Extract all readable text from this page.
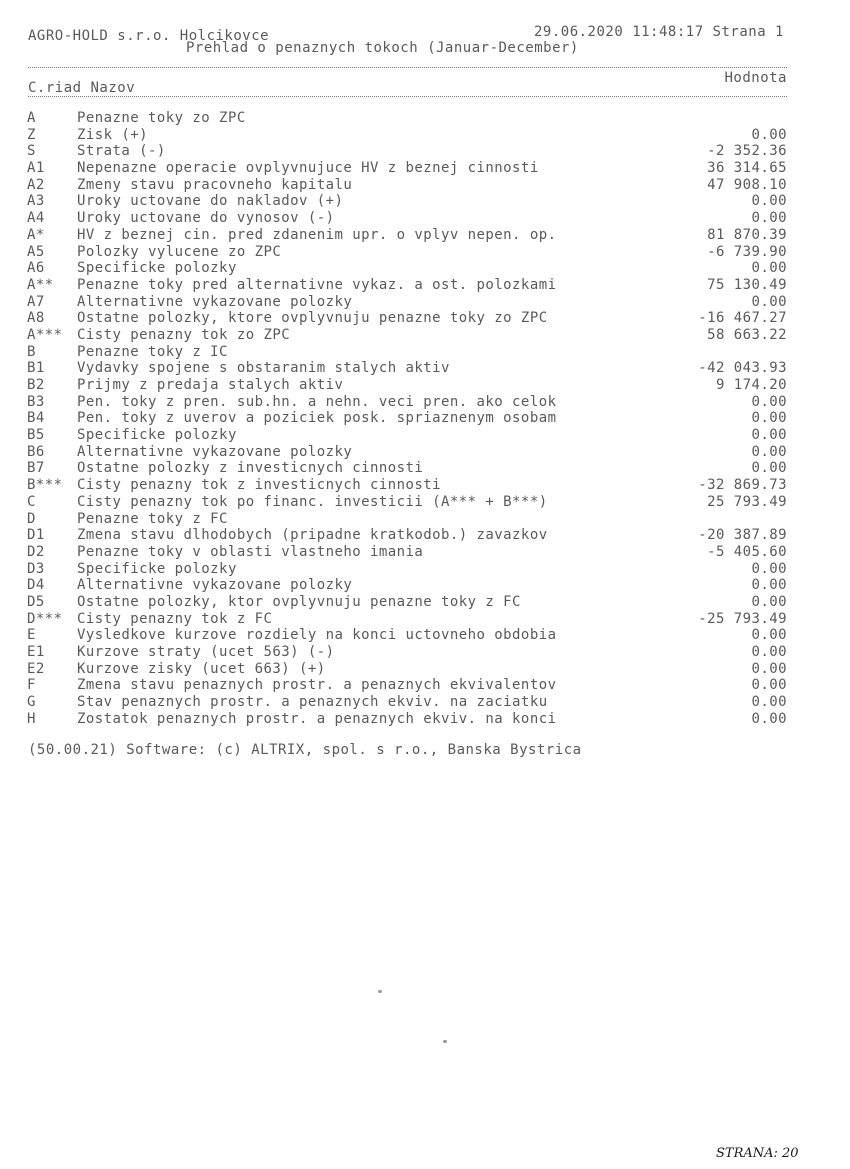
AGRO-HOLD s.r.o. Holcikovce	29.06.2020 11:48:17 Strana 1
Prehlad o penaznych tokoch (Januar-December)
C.riad Nazov
Hodnota
A	Penazne toky zo ZPC
Z	Zisk (+)	0.00
S	Strata (-)	-2 352.36
A1 Nepenazne operacie ovplyvnujuce HV z beznej cinnosti	36 314.65
A2 Zmeny stavu pracovneho kapitalu	47 908.10
A3 Uroky uctovane do nakladov (+)	0.00
A4 Uroky uctovane do vynosov (-)	0.00
A* HV z beznej cin. pred zdanenim upr. o vplyv nepen. op.	81 870.39
A5 Polozky vylucene zo ZPC	-6 739.90
A6 Specificke polozky	0.00
A** Penazne toky pred alternativne vykaz. a ost. polozkami	75 130.49
A7 Alternativne vykazovane polozky	0.00
A8 Ostatne polozky, ktore ovplyvnuju penazne toky zo ZPC	-16 467.27
A*** Cisty penazny tok zo ZPC	58 663.22
B	Penazne toky z IC
B1 Vydavky spojene s obstaranim stalych aktiv	-42 043.93
B2 Prijmy z predaja stalych aktiv	9 174.20
B3 Pen. toky z pren. sub.hn. a nehn. veci pren. ako celok	0.00
B4 Pen. toky z uverov a poziciek posk. spriaznenym osobam	0.00
B5 Specificke polozky	0.00
B6 Alternativne vykazovane polozky	0.00
B7 Ostatne polozky z investicnych cinnosti	0.00
B*** Cisty penazny tok z investicnych cinnosti	-32 869.73
C	Cisty penazny tok po financ. investicii (A*** + B***)	25 793.49
D	Penazne toky z FC
D1 Zmena stavu dlhodobych (pripadne kratkodob.) zavazkov	-20 387.89
D2 Penazne toky v oblasti vlastneho imania	-5 405.60
D3 Specificke polozky	0.00
D4 Alternativne vykazovane polozky	0.00
D5 Ostatne polozky, ktor ovplyvnuju penazne toky z FC	0.00
D*** Cisty penazny tok z FC	-25 793.49
E	Vysledkove kurzove rozdiely na konci uctovneho obdobia	0.00
E1 Kurzove straty (ucet 563) (-)	0.00
E2 Kurzove zisky (ucet 663) (+)	0.00
F	Zmena stavu penaznych prostr. a penaznych ekvivalentov	0.00
G	Stav penaznych prostr. a penaznych ekviv. na zaciatku	0.00
H	Zostatok penaznych prostr. a penaznych ekviv. na konci	0.00
(50.00.21) Software: (c) ALTRIX, spol. s r.o., Banska Bystrica
STRANA: 20
